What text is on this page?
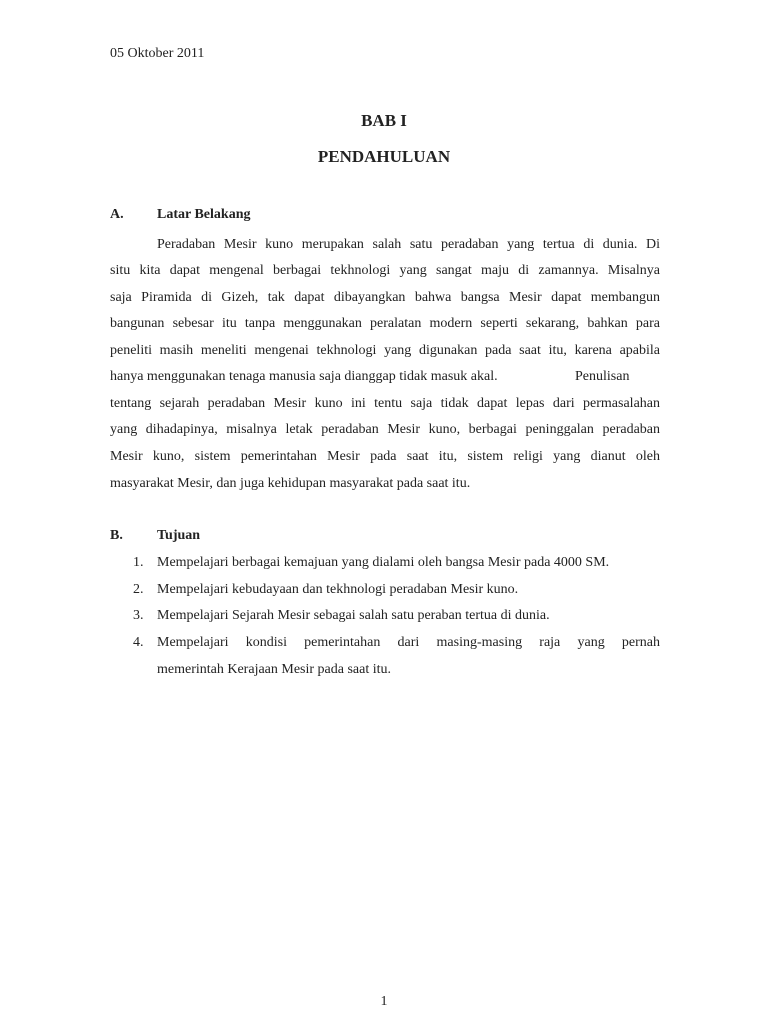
05 Oktober 2011
BAB I
PENDAHULUAN
A. Latar Belakang
Peradaban Mesir kuno merupakan salah satu peradaban yang tertua di dunia. Di
situ kita dapat mengenal berbagai tekhnologi yang sangat maju di zamannya. Misalnya
saja Piramida di Gizeh, tak dapat dibayangkan bahwa bangsa Mesir dapat membangun
bangunan sebesar itu tanpa menggunakan peralatan modern seperti sekarang, bahkan para
peneliti masih meneliti mengenai tekhnologi yang digunakan pada saat itu, karena apabila
hanya menggunakan tenaga manusia saja dianggap tidak masuk akal.	Penulisan
tentang sejarah peradaban Mesir kuno ini tentu saja tidak dapat lepas dari permasalahan
yang dihadapinya, misalnya letak peradaban Mesir kuno, berbagai peninggalan peradaban
Mesir kuno, sistem pemerintahan Mesir pada saat itu, sistem religi yang dianut oleh
masyarakat Mesir, dan juga kehidupan masyarakat pada saat itu.
B. Tujuan
1. Mempelajari berbagai kemajuan yang dialami oleh bangsa Mesir pada 4000 SM.
2. Mempelajari kebudayaan dan tekhnologi peradaban Mesir kuno.
3. Mempelajari Sejarah Mesir sebagai salah satu peraban tertua di dunia.
4. Mempelajari kondisi pemerintahan dari masing-masing raja yang pernah
memerintah Kerajaan Mesir pada saat itu.
1
